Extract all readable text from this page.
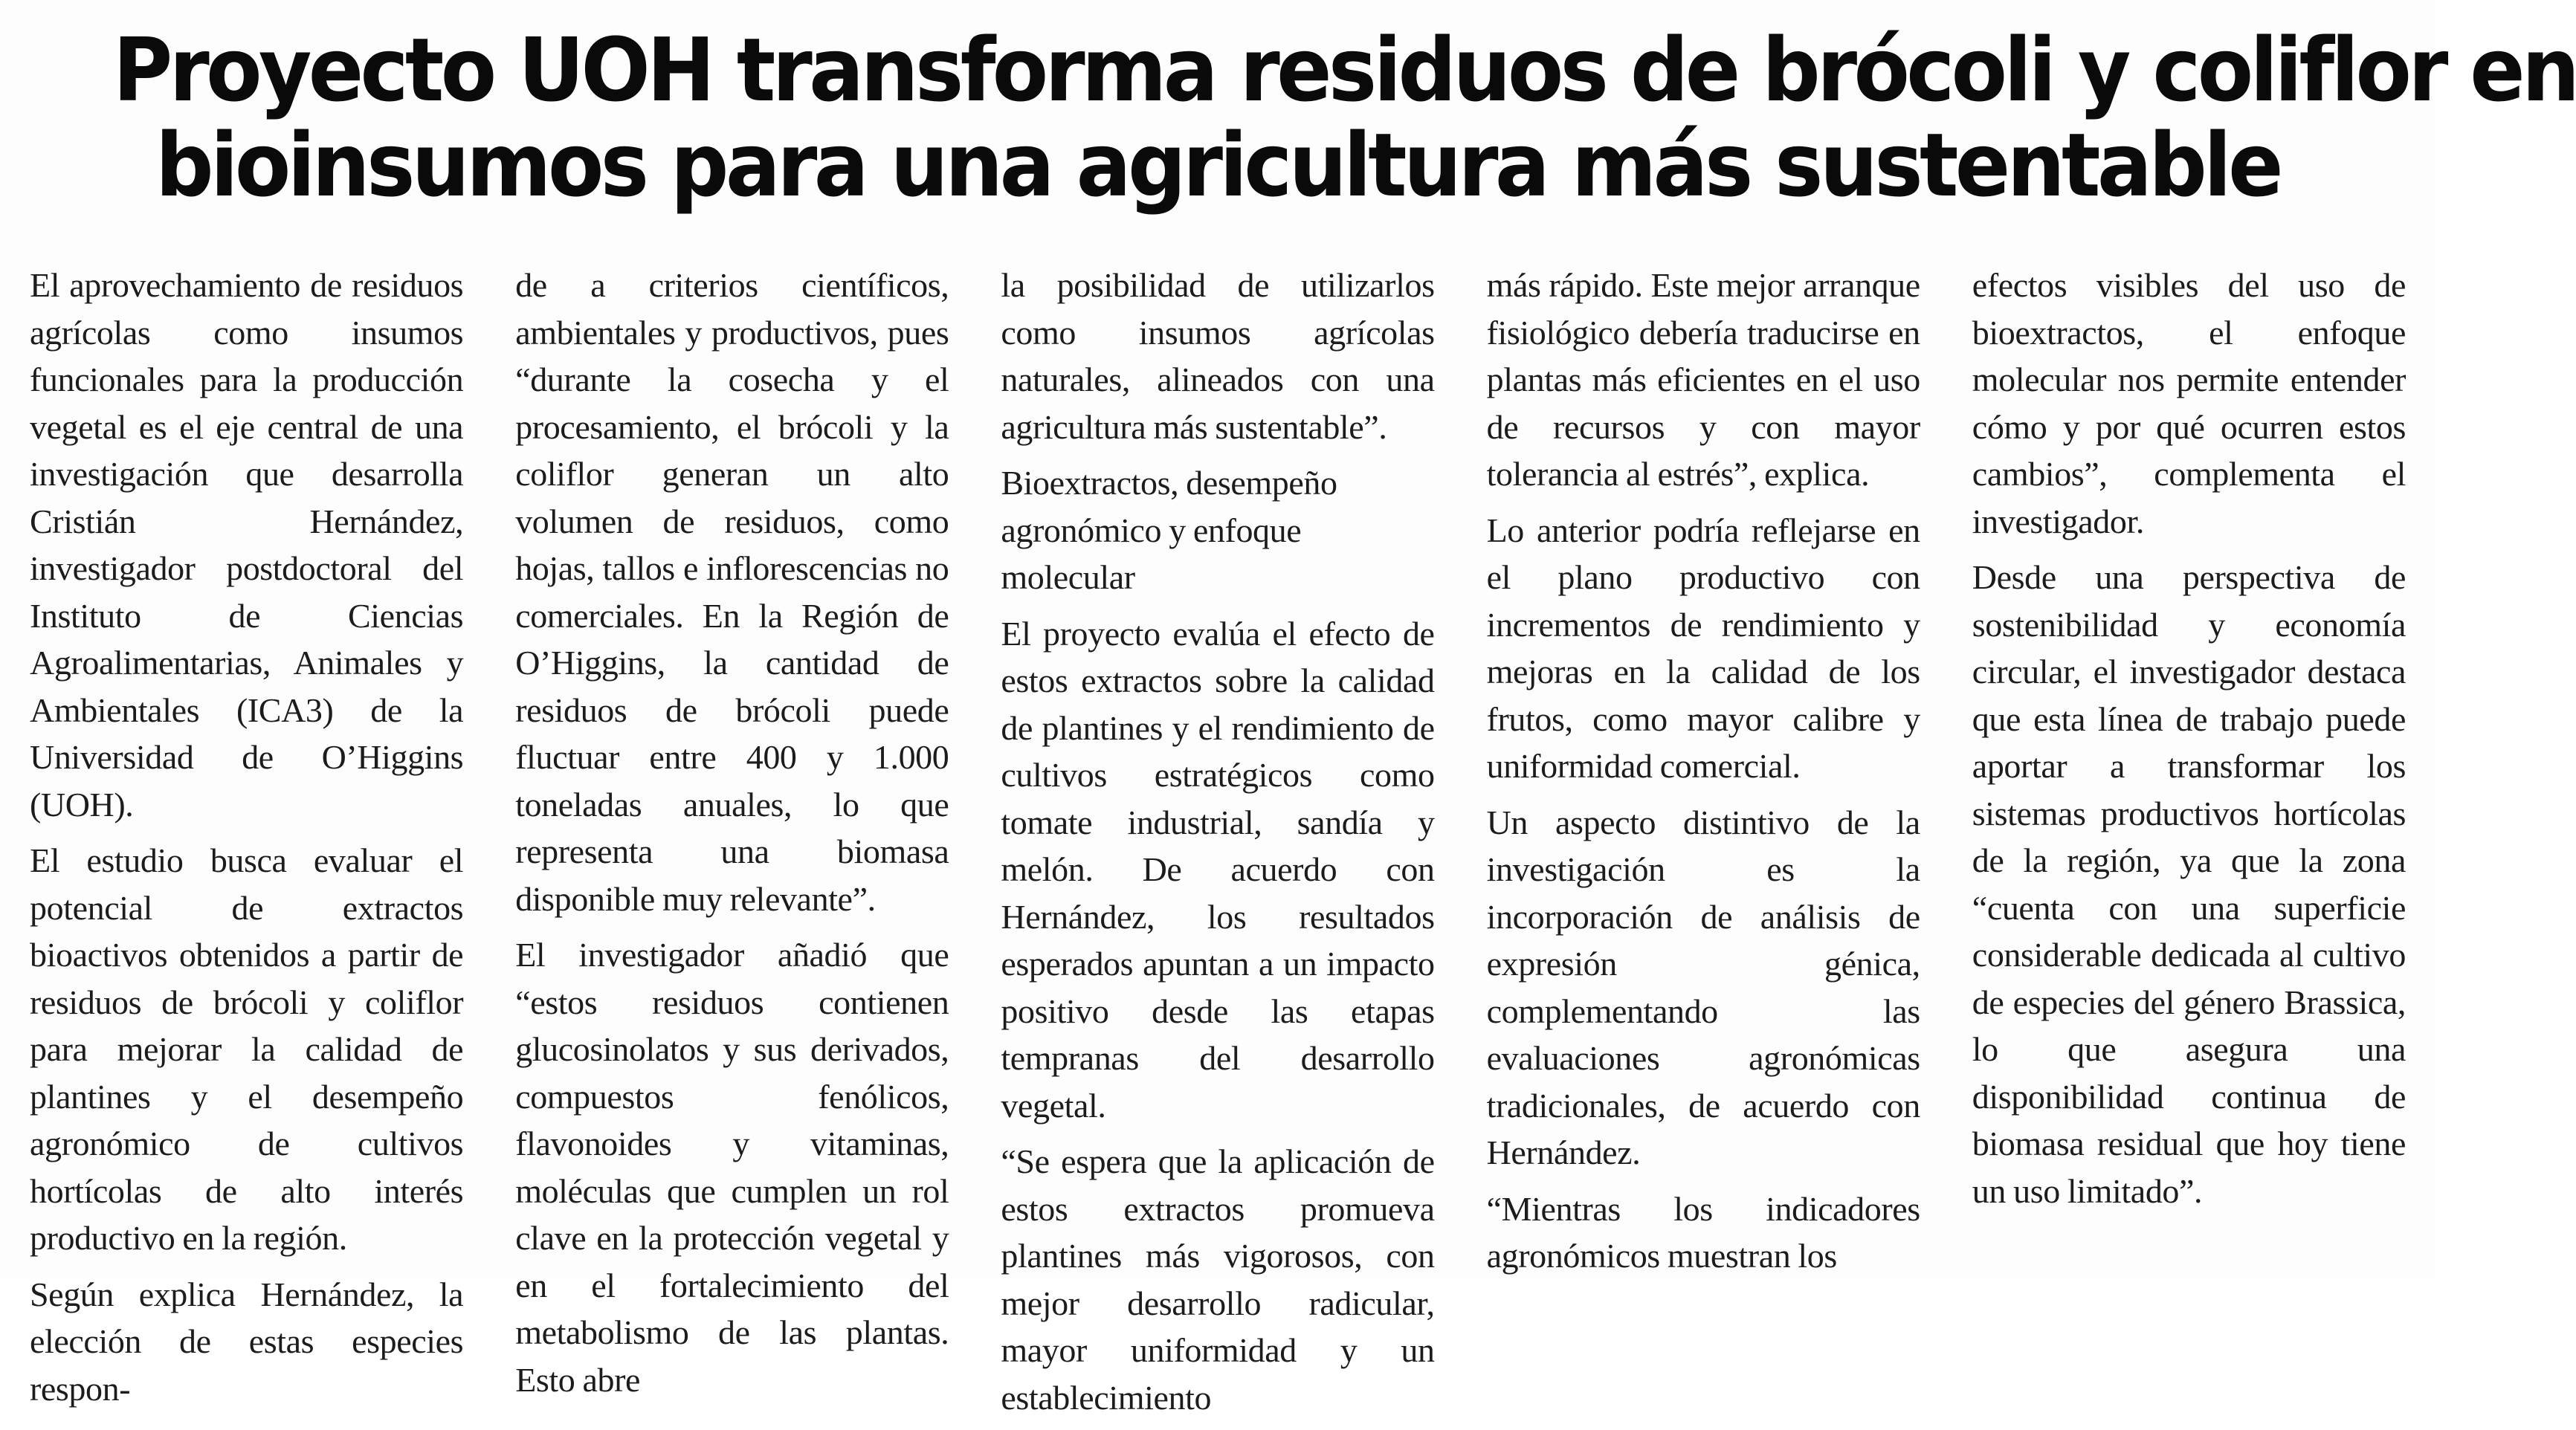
Proyecto UOH transforma residuos de brócoli y coliflor en
bioinsumos para una agricultura más sustentable

El aprovechamiento de residuos agrícolas como insumos funcionales para la producción vegetal es el eje central de una investigación que desarrolla Cristián Hernández, investigador postdoctoral del Instituto de Ciencias Agroalimentarias, Animales y Ambientales (ICA3) de la Universidad de O’Higgins (UOH).

El estudio busca evaluar el potencial de extractos bioactivos obtenidos a partir de residuos de brócoli y coliflor para mejorar la calidad de plantines y el desempeño agronómico de cultivos hortícolas de alto interés productivo en la región.

Según explica Hernández, la elección de estas especies respon-

de a criterios científicos, ambientales y productivos, pues “durante la cosecha y el procesamiento, el brócoli y la coliflor generan un alto volumen de residuos, como hojas, tallos e inflorescencias no comerciales. En la Región de O’Higgins, la cantidad de residuos de brócoli puede fluctuar entre 400 y 1.000 toneladas anuales, lo que representa una biomasa disponible muy relevante”.

El investigador añadió que “estos residuos contienen glucosinolatos y sus derivados, compuestos fenólicos, flavonoides y vitaminas, moléculas que cumplen un rol clave en la protección vegetal y en el fortalecimiento del metabolismo de las plantas. Esto abre

la posibilidad de utilizarlos como insumos agrícolas naturales, alineados con una agricultura más sustentable”.

Bioextractos, desempeño agronómico y enfoque molecular

El proyecto evalúa el efecto de estos extractos sobre la calidad de plantines y el rendimiento de cultivos estratégicos como tomate industrial, sandía y melón. De acuerdo con Hernández, los resultados esperados apuntan a un impacto positivo desde las etapas tempranas del desarrollo vegetal.

“Se espera que la aplicación de estos extractos promueva plantines más vigorosos, con mejor desarrollo radicular, mayor uniformidad y un establecimiento

más rápido. Este mejor arranque fisiológico debería traducirse en plantas más eficientes en el uso de recursos y con mayor tolerancia al estrés”, explica.

Lo anterior podría reflejarse en el plano productivo con incrementos de rendimiento y mejoras en la calidad de los frutos, como mayor calibre y uniformidad comercial.

Un aspecto distintivo de la investigación es la incorporación de análisis de expresión génica, complementando las evaluaciones agronómicas tradicionales, de acuerdo con Hernández.

“Mientras los indicadores agronómicos muestran los

efectos visibles del uso de bioextractos, el enfoque molecular nos permite entender cómo y por qué ocurren estos cambios”, complementa el investigador.

Desde una perspectiva de sostenibilidad y economía circular, el investigador destaca que esta línea de trabajo puede aportar a transformar los sistemas productivos hortícolas de la región, ya que la zona “cuenta con una superficie considerable dedicada al cultivo de especies del género Brassica, lo que asegura una disponibilidad continua de biomasa residual que hoy tiene un uso limitado”.
